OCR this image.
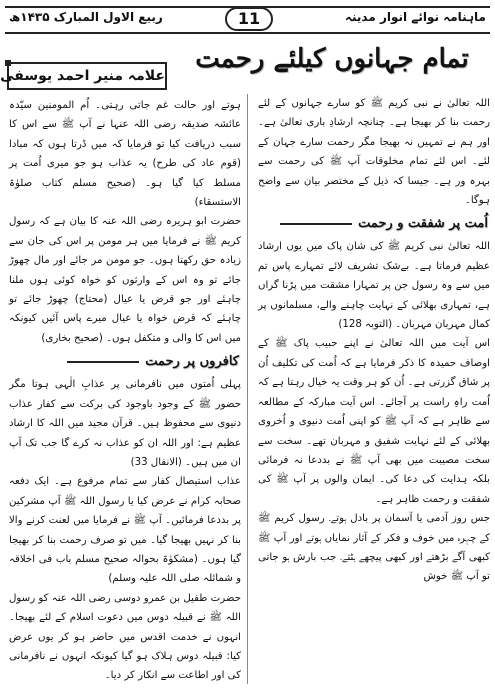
ربیع الاول المبارک ۱۴۳۵ھ	11	ماہنامہ نوائے انوار مدینہ
تمام جہانوں کیلئے رحمت
علامہ منیر احمد یوسفی

اللہ تعالیٰ نے نبی کریم ﷺ کو سارے جہانوں کے لئے رحمت بنا کر بھیجا ہے۔ چنانچہ ارشادِ باری تعالیٰ ہے۔ اور ہم نے تمہیں نہ بھیجا مگر رحمت سارے جہان کے لئے۔ اس لئے تمام مخلوقات آپ ﷺ کی رحمت سے بہرہ ور ہے۔ جیسا کہ ذیل کے مختصر بیان سے واضح ہوگا۔

اُمت پر شفقت و رحمت

اللہ تعالیٰ نبی کریم ﷺ کی شان پاک میں یوں ارشاد عظیم فرماتا ہے۔ بےشک تشریف لائے تمہارے پاس تم میں سے وہ رسول جن پر تمہارا مشقت میں پڑنا گراں ہے، تمہاری بھلائی کے نہایت چاہنے والے، مسلمانوں پر کمال مہربان مہربان۔ (التوبہ 128)

اس آیت میں اللہ تعالیٰ نے اپنے حبیب پاک ﷺ کے اوصاف حمیدہ کا ذکر فرمایا ہے کہ اُمت کی تکلیف اُن پر شاق گزرتی ہے۔ اُن کو ہر وقت یہ خیال رہتا ہے کہ اُمت راہِ راست پر آجائے۔ اس آیت مبارکہ کے مطالعہ سے ظاہر ہے کہ آپ ﷺ کو اپنی اُمت دنیوی و اُخروی بھلائی کے لئے نہایت شفیق و مہربان تھے۔ سخت سے سخت مصیبت میں بھی آپ ﷺ نے بددعا نہ فرمائی بلکہ ہدایت کی دعا کی۔ ایمان والوں پر آپ ﷺ کی شفقت و رحمت ظاہر ہے۔

جس روز آدمی یا آسمان پر بادل ہوتے۔ رسول کریم ﷺ کے چہرہ میں خوف و فکر کے آثار نمایاں ہوتے اور آپ ﷺ کبھی آگے بڑھتے اور کبھی پیچھے ہٹتے۔ جب بارش ہو جاتی تو آپ ﷺ خوش

ہوتے اور حالت غم جاتی رہتی۔ اُم المومنین سیّدہ عائشہ صدیقہ رضی اللہ عنہا نے آپ ﷺ سے اس کا سبب دریافت کیا تو فرمایا کہ میں ڈرتا ہوں کہ مبادا (قوم عاد کی طرح) یہ عذاب ہو جو میری اُمت پر مسلط کیا گیا ہو۔ (صحیح مسلم کتاب صلوٰۃ الاستسقاء)

حضرت ابو ہریرہ رضی اللہ عنہ کا بیان ہے کہ رسول کریم ﷺ نے فرمایا میں ہر مومن پر اس کی جان سے زیادہ حق رکھتا ہوں۔ جو مومن مر جائے اور مال چھوڑ جائے تو وہ اس کے وارثوں کو خواہ کوئی ہوں ملنا چاہئے اور جو قرض یا عیال (محتاج) چھوڑ جائے تو چاہئے کہ قرض خواہ یا عیال میرے پاس آئیں کیونکہ میں اس کا والی و متکفل ہوں۔ (صحیح بخاری)

کافروں پر رحمت

پہلی اُمتوں میں نافرمانی پر عذابِ الٰہی ہوتا مگر حضور ﷺ کے وجود باوجود کی برکت سے کفار عذاب دنیوی سے محفوظ ہیں۔ قرآن مجید میں اللہ کا ارشاد عظیم ہے: اور اللہ ان کو عذاب نہ کرے گا جب تک آپ ان میں ہیں۔ (الانفال 33)

عذاب استیصال کفار سے تمام مرفوع ہے۔ ایک دفعہ صحابہ کرام نے عرض کیا یا رسول اللہ ﷺ آپ مشرکین پر بددعا فرمائیں۔ آپ ﷺ نے فرمایا میں لعنت کرنے والا بنا کر نہیں بھیجا گیا۔ میں تو صرف رحمت بنا کر بھیجا گیا ہوں۔ (مشکوٰۃ بحوالہ صحیح مسلم باب فی اخلاقہ و شمائلہ صلی اللہ علیہ وسلم)

حضرت طفیل بن عمرو دوسی رضی اللہ عنہ کو رسول اللہ ﷺ نے قبیلہ دوس میں دعوت اسلام کے لئے بھیجا۔ انہوں نے خدمت اقدس میں حاضر ہو کر یوں عرض کیا: قبیلہ دوس ہلاک ہو گیا کیونکہ انہوں نے نافرمانی کی اور اطاعت سے انکار کر دیا۔
